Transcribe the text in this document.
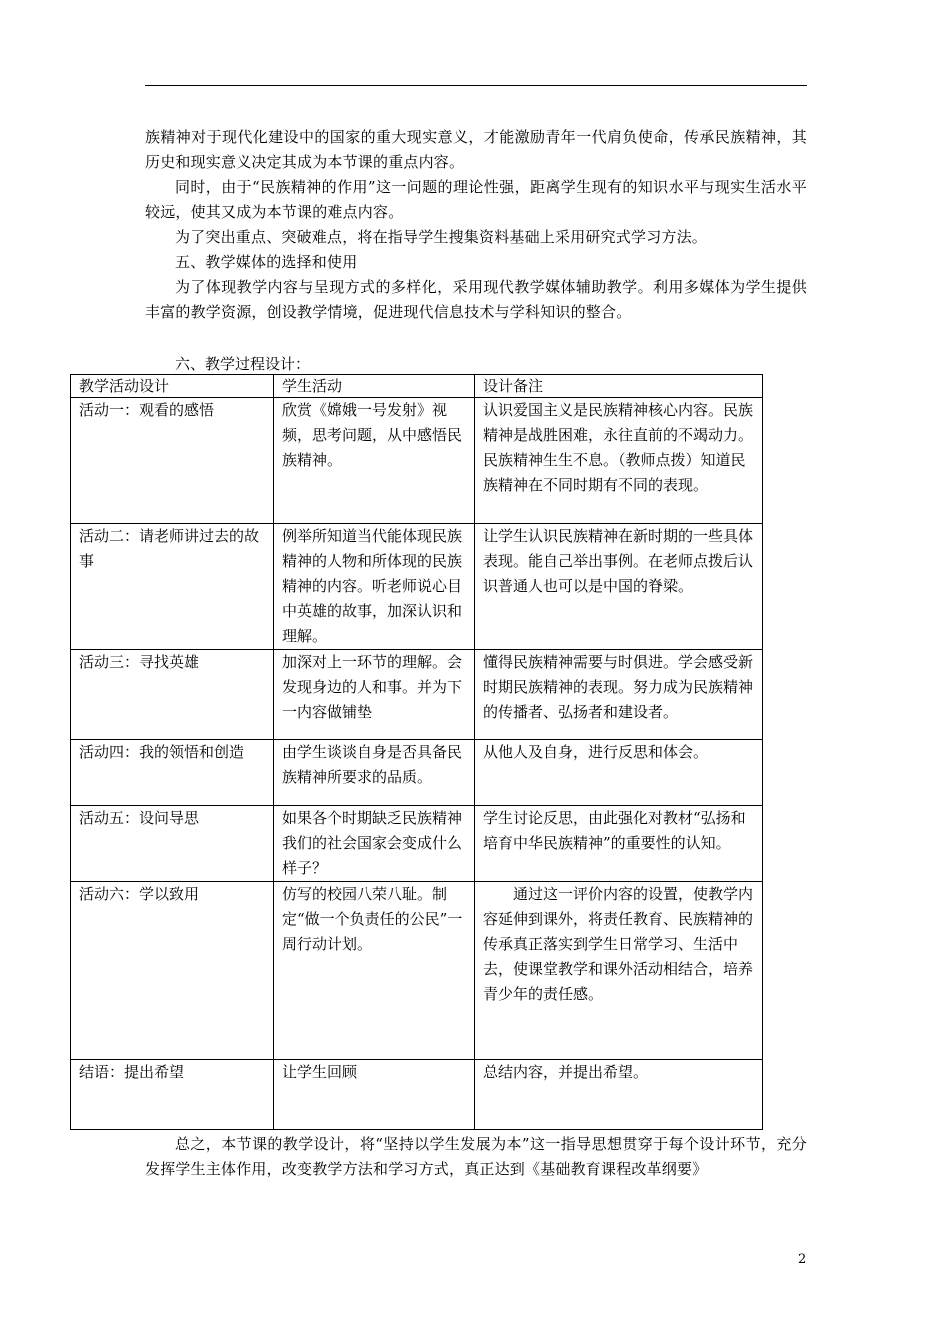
族精神对于现代化建设中的国家的重大现实意义，才能激励青年一代肩负使命，传承民族精神，其历史和现实意义决定其成为本节课的重点内容。

同时，由于“民族精神的作用”这一问题的理论性强，距离学生现有的知识水平与现实生活水平较远，使其又成为本节课的难点内容。

为了突出重点、突破难点，将在指导学生搜集资料基础上采用研究式学习方法。

五、教学媒体的选择和使用

为了体现教学内容与呈现方式的多样化，采用现代教学媒体辅助教学。利用多媒体为学生提供丰富的教学资源，创设教学情境，促进现代信息技术与学科知识的整合。

六、教学过程设计：
教学活动设计	学生活动	设计备注
活动一：观看的感悟	欣赏《嫦娥一号发射》视频，思考问题，从中感悟民族精神。	认识爱国主义是民族精神核心内容。民族精神是战胜困难，永往直前的不竭动力。民族精神生生不息。（教师点拨）知道民族精神在不同时期有不同的表现。
活动二：请老师讲过去的故事	例举所知道当代能体现民族精神的人物和所体现的民族精神的内容。听老师说心目中英雄的故事，加深认识和理解。	让学生认识民族精神在新时期的一些具体表现。能自己举出事例。在老师点拨后认识普通人也可以是中国的脊梁。
活动三：寻找英雄	加深对上一环节的理解。会发现身边的人和事。并为下一内容做铺垫	懂得民族精神需要与时俱进。学会感受新时期民族精神的表现。努力成为民族精神的传播者、弘扬者和建设者。
活动四：我的领悟和创造	由学生谈谈自身是否具备民族精神所要求的品质。	从他人及自身，进行反思和体会。
活动五：设问导思	如果各个时期缺乏民族精神我们的社会国家会变成什么样子？	学生讨论反思，由此强化对教材“弘扬和培育中华民族精神”的重要性的认知。
活动六：学以致用	仿写的校园八荣八耻。制定“做一个负责任的公民”一周行动计划。	通过这一评价内容的设置，使教学内容延伸到课外，将责任教育、民族精神的传承真正落实到学生日常学习、生活中去，使课堂教学和课外活动相结合，培养青少年的责任感。
结语：提出希望	让学生回顾	总结内容，并提出希望。

总之，本节课的教学设计，将“坚持以学生发展为本”这一指导思想贯穿于每个设计环节，充分发挥学生主体作用，改变教学方法和学习方式，真正达到《基础教育课程改革纲要》

2
